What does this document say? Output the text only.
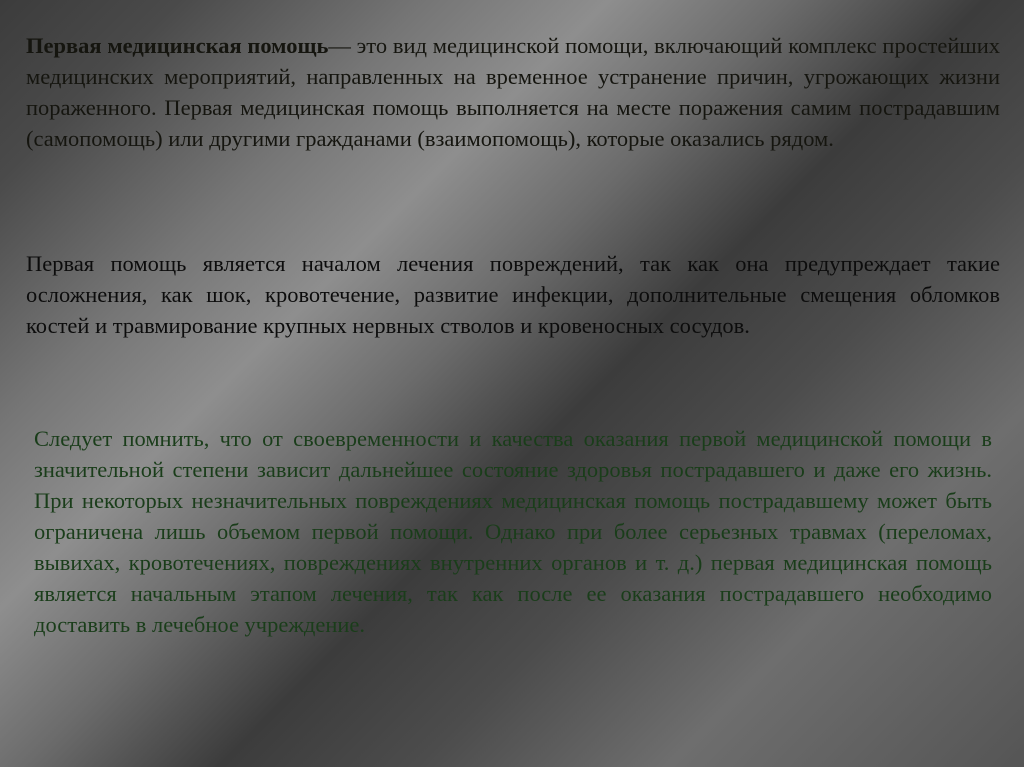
Первая медицинская помощь— это вид медицинской помощи, включающий комплекс простейших медицинских мероприятий, направленных на временное устранение причин, угрожающих жизни пораженного. Первая медицинская помощь выполняется на месте поражения самим пострадавшим (самопомощь) или другими гражданами (взаимопомощь), которые оказались рядом.

Первая помощь является началом лечения повреждений, так как она предупреждает такие осложнения, как шок, кровотечение, развитие инфекции, дополнительные смещения обломков костей и травмирование крупных нервных стволов и кровеносных сосудов.

Следует помнить, что от своевременности и качества оказания первой медицинской помощи в значительной степени зависит дальнейшее состояние здоровья пострадавшего и даже его жизнь. При некоторых незначительных повреждениях медицинская помощь пострадавшему может быть ограничена лишь объемом первой помощи. Однако при более серьезных травмах (переломах, вывихах, кровотечениях, повреждениях внутренних органов и т. д.) первая медицинская помощь является начальным этапом лечения, так как после ее оказания пострадавшего необходимо доставить в лечебное учреждение.
